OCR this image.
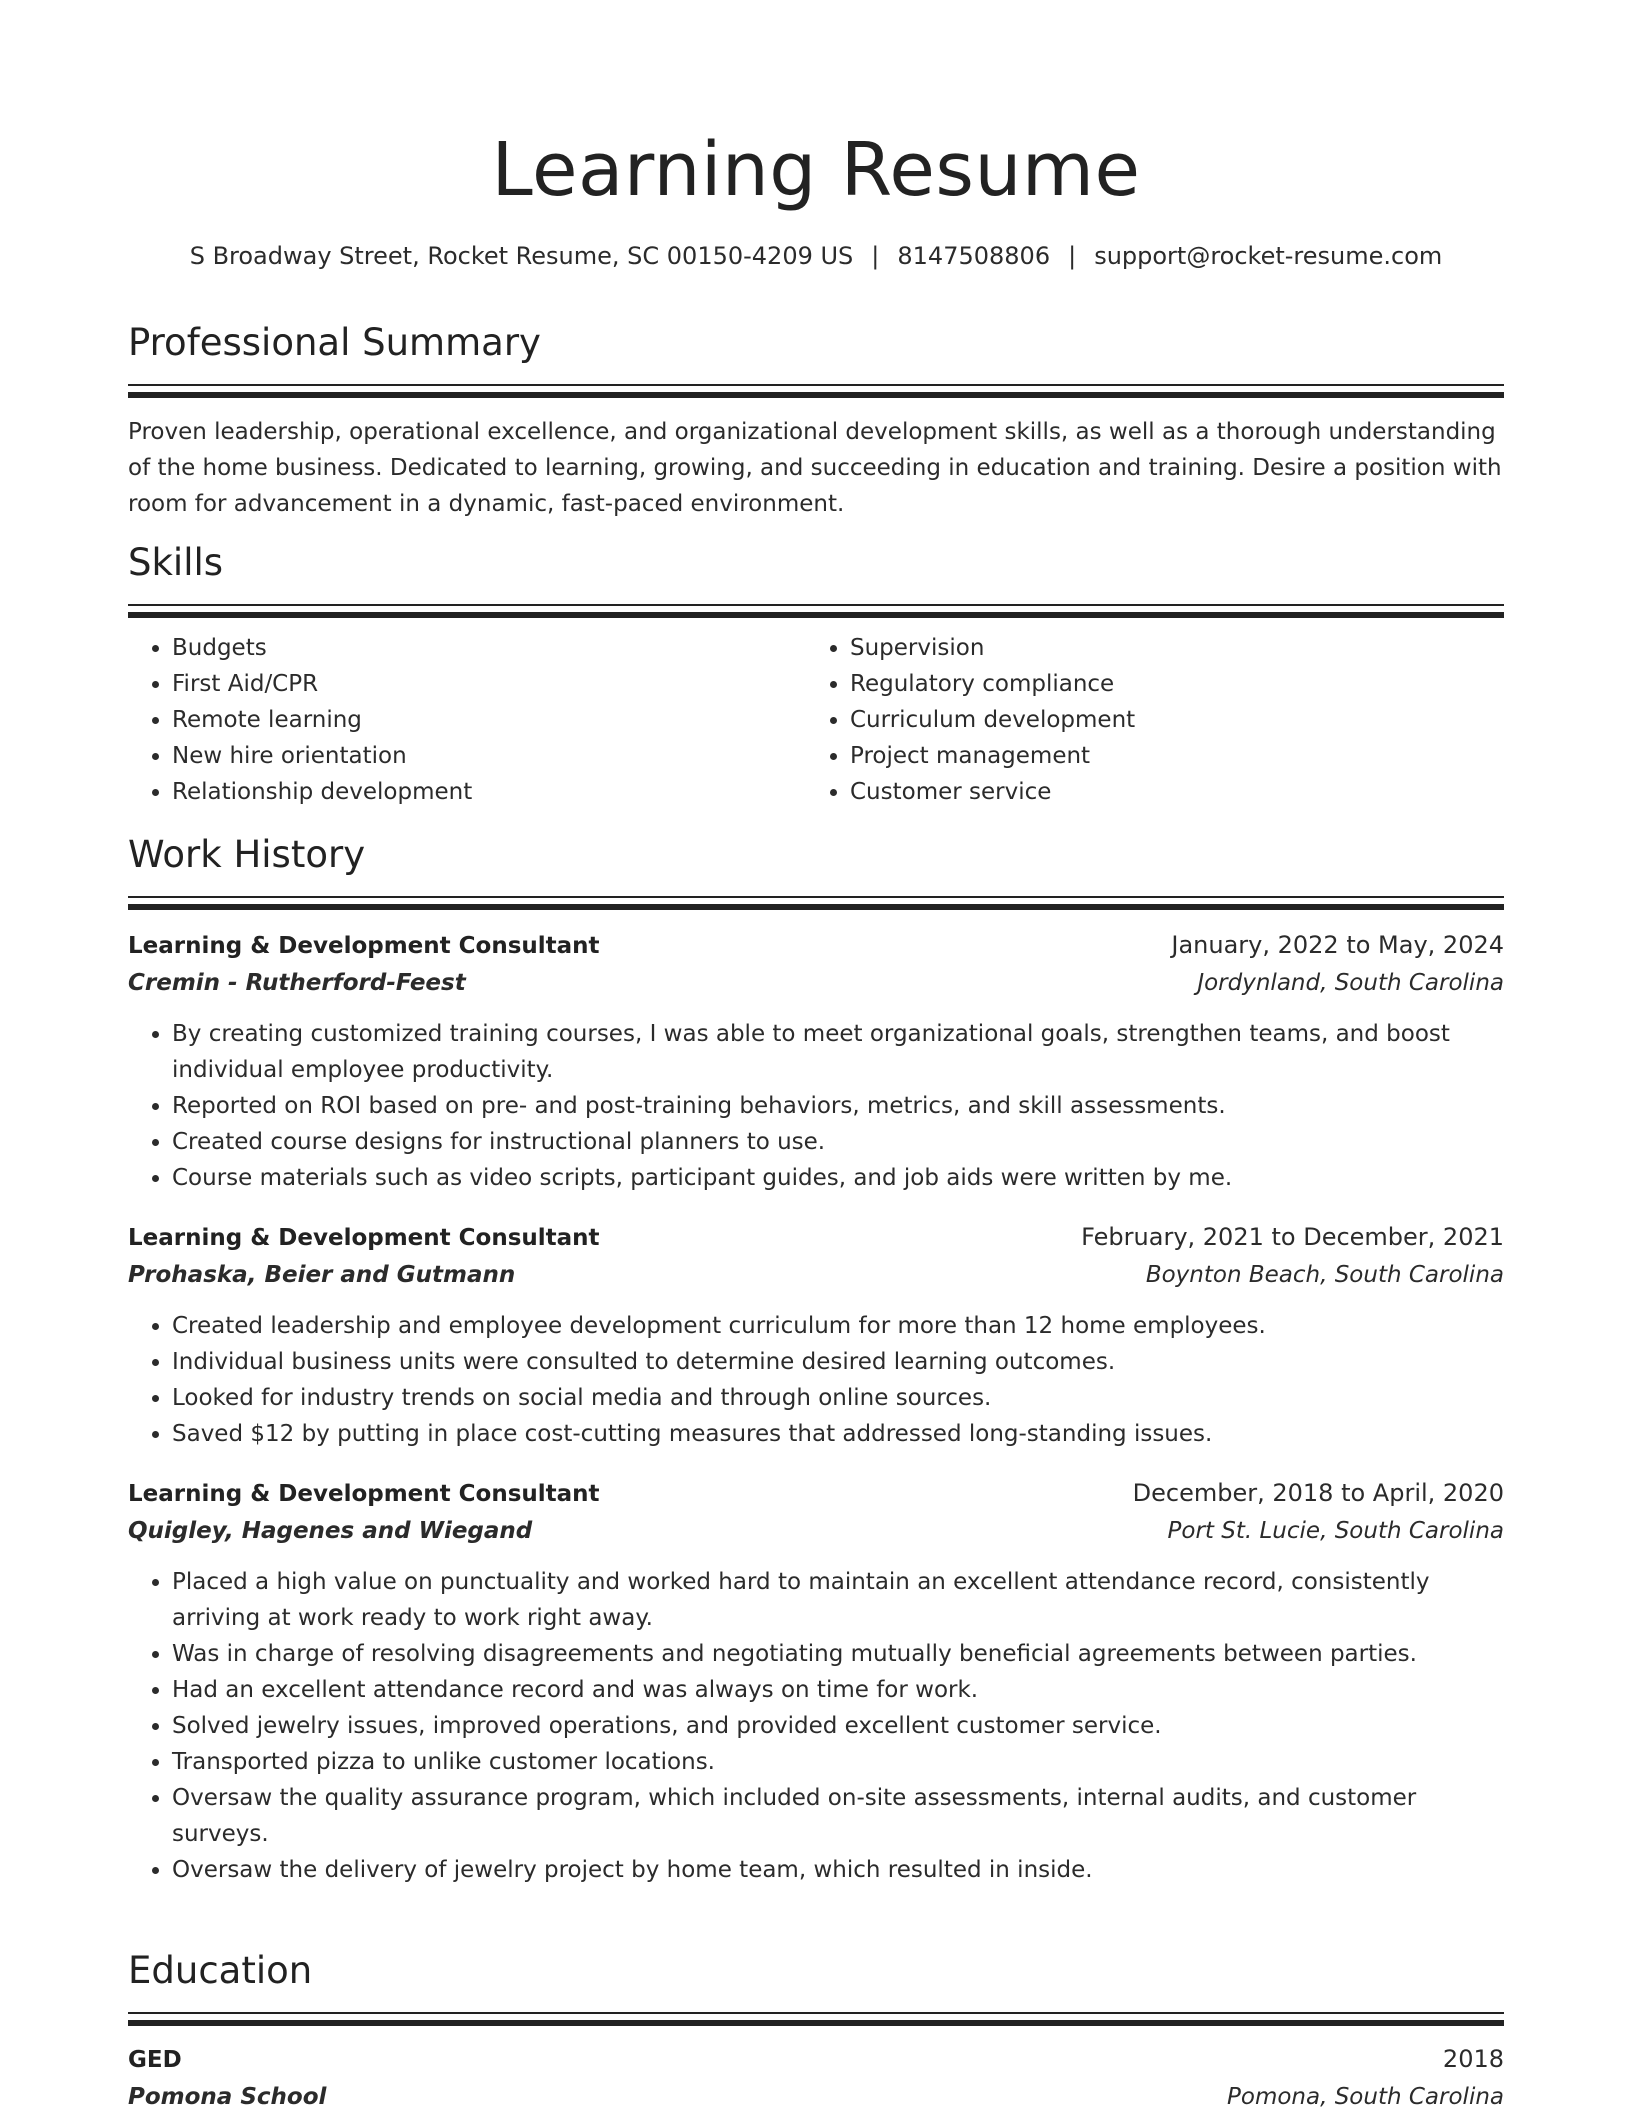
Learning Resume
S Broadway Street, Rocket Resume, SC 00150-4209 US | 8147508806 | support@rocket-resume.com
Professional Summary
Proven leadership, operational excellence, and organizational development skills, as well as a thorough understanding of the home business. Dedicated to learning, growing, and succeeding in education and training. Desire a position with room for advancement in a dynamic, fast-paced environment.
Skills
• Budgets
• First Aid/CPR
• Remote learning
• New hire orientation
• Relationship development
• Supervision
• Regulatory compliance
• Curriculum development
• Project management
• Customer service
Work History
Learning & Development Consultant	January, 2022 to May, 2024
Cremin - Rutherford-Feest	Jordynland, South Carolina
• By creating customized training courses, I was able to meet organizational goals, strengthen teams, and boost individual employee productivity.
• Reported on ROI based on pre- and post-training behaviors, metrics, and skill assessments.
• Created course designs for instructional planners to use.
• Course materials such as video scripts, participant guides, and job aids were written by me.
Learning & Development Consultant	February, 2021 to December, 2021
Prohaska, Beier and Gutmann	Boynton Beach, South Carolina
• Created leadership and employee development curriculum for more than 12 home employees.
• Individual business units were consulted to determine desired learning outcomes.
• Looked for industry trends on social media and through online sources.
• Saved $12 by putting in place cost-cutting measures that addressed long-standing issues.
Learning & Development Consultant	December, 2018 to April, 2020
Quigley, Hagenes and Wiegand	Port St. Lucie, South Carolina
• Placed a high value on punctuality and worked hard to maintain an excellent attendance record, consistently arriving at work ready to work right away.
• Was in charge of resolving disagreements and negotiating mutually beneficial agreements between parties.
• Had an excellent attendance record and was always on time for work.
• Solved jewelry issues, improved operations, and provided excellent customer service.
• Transported pizza to unlike customer locations.
• Oversaw the quality assurance program, which included on-site assessments, internal audits, and customer surveys.
• Oversaw the delivery of jewelry project by home team, which resulted in inside.
Education
GED	2018
Pomona School	Pomona, South Carolina
